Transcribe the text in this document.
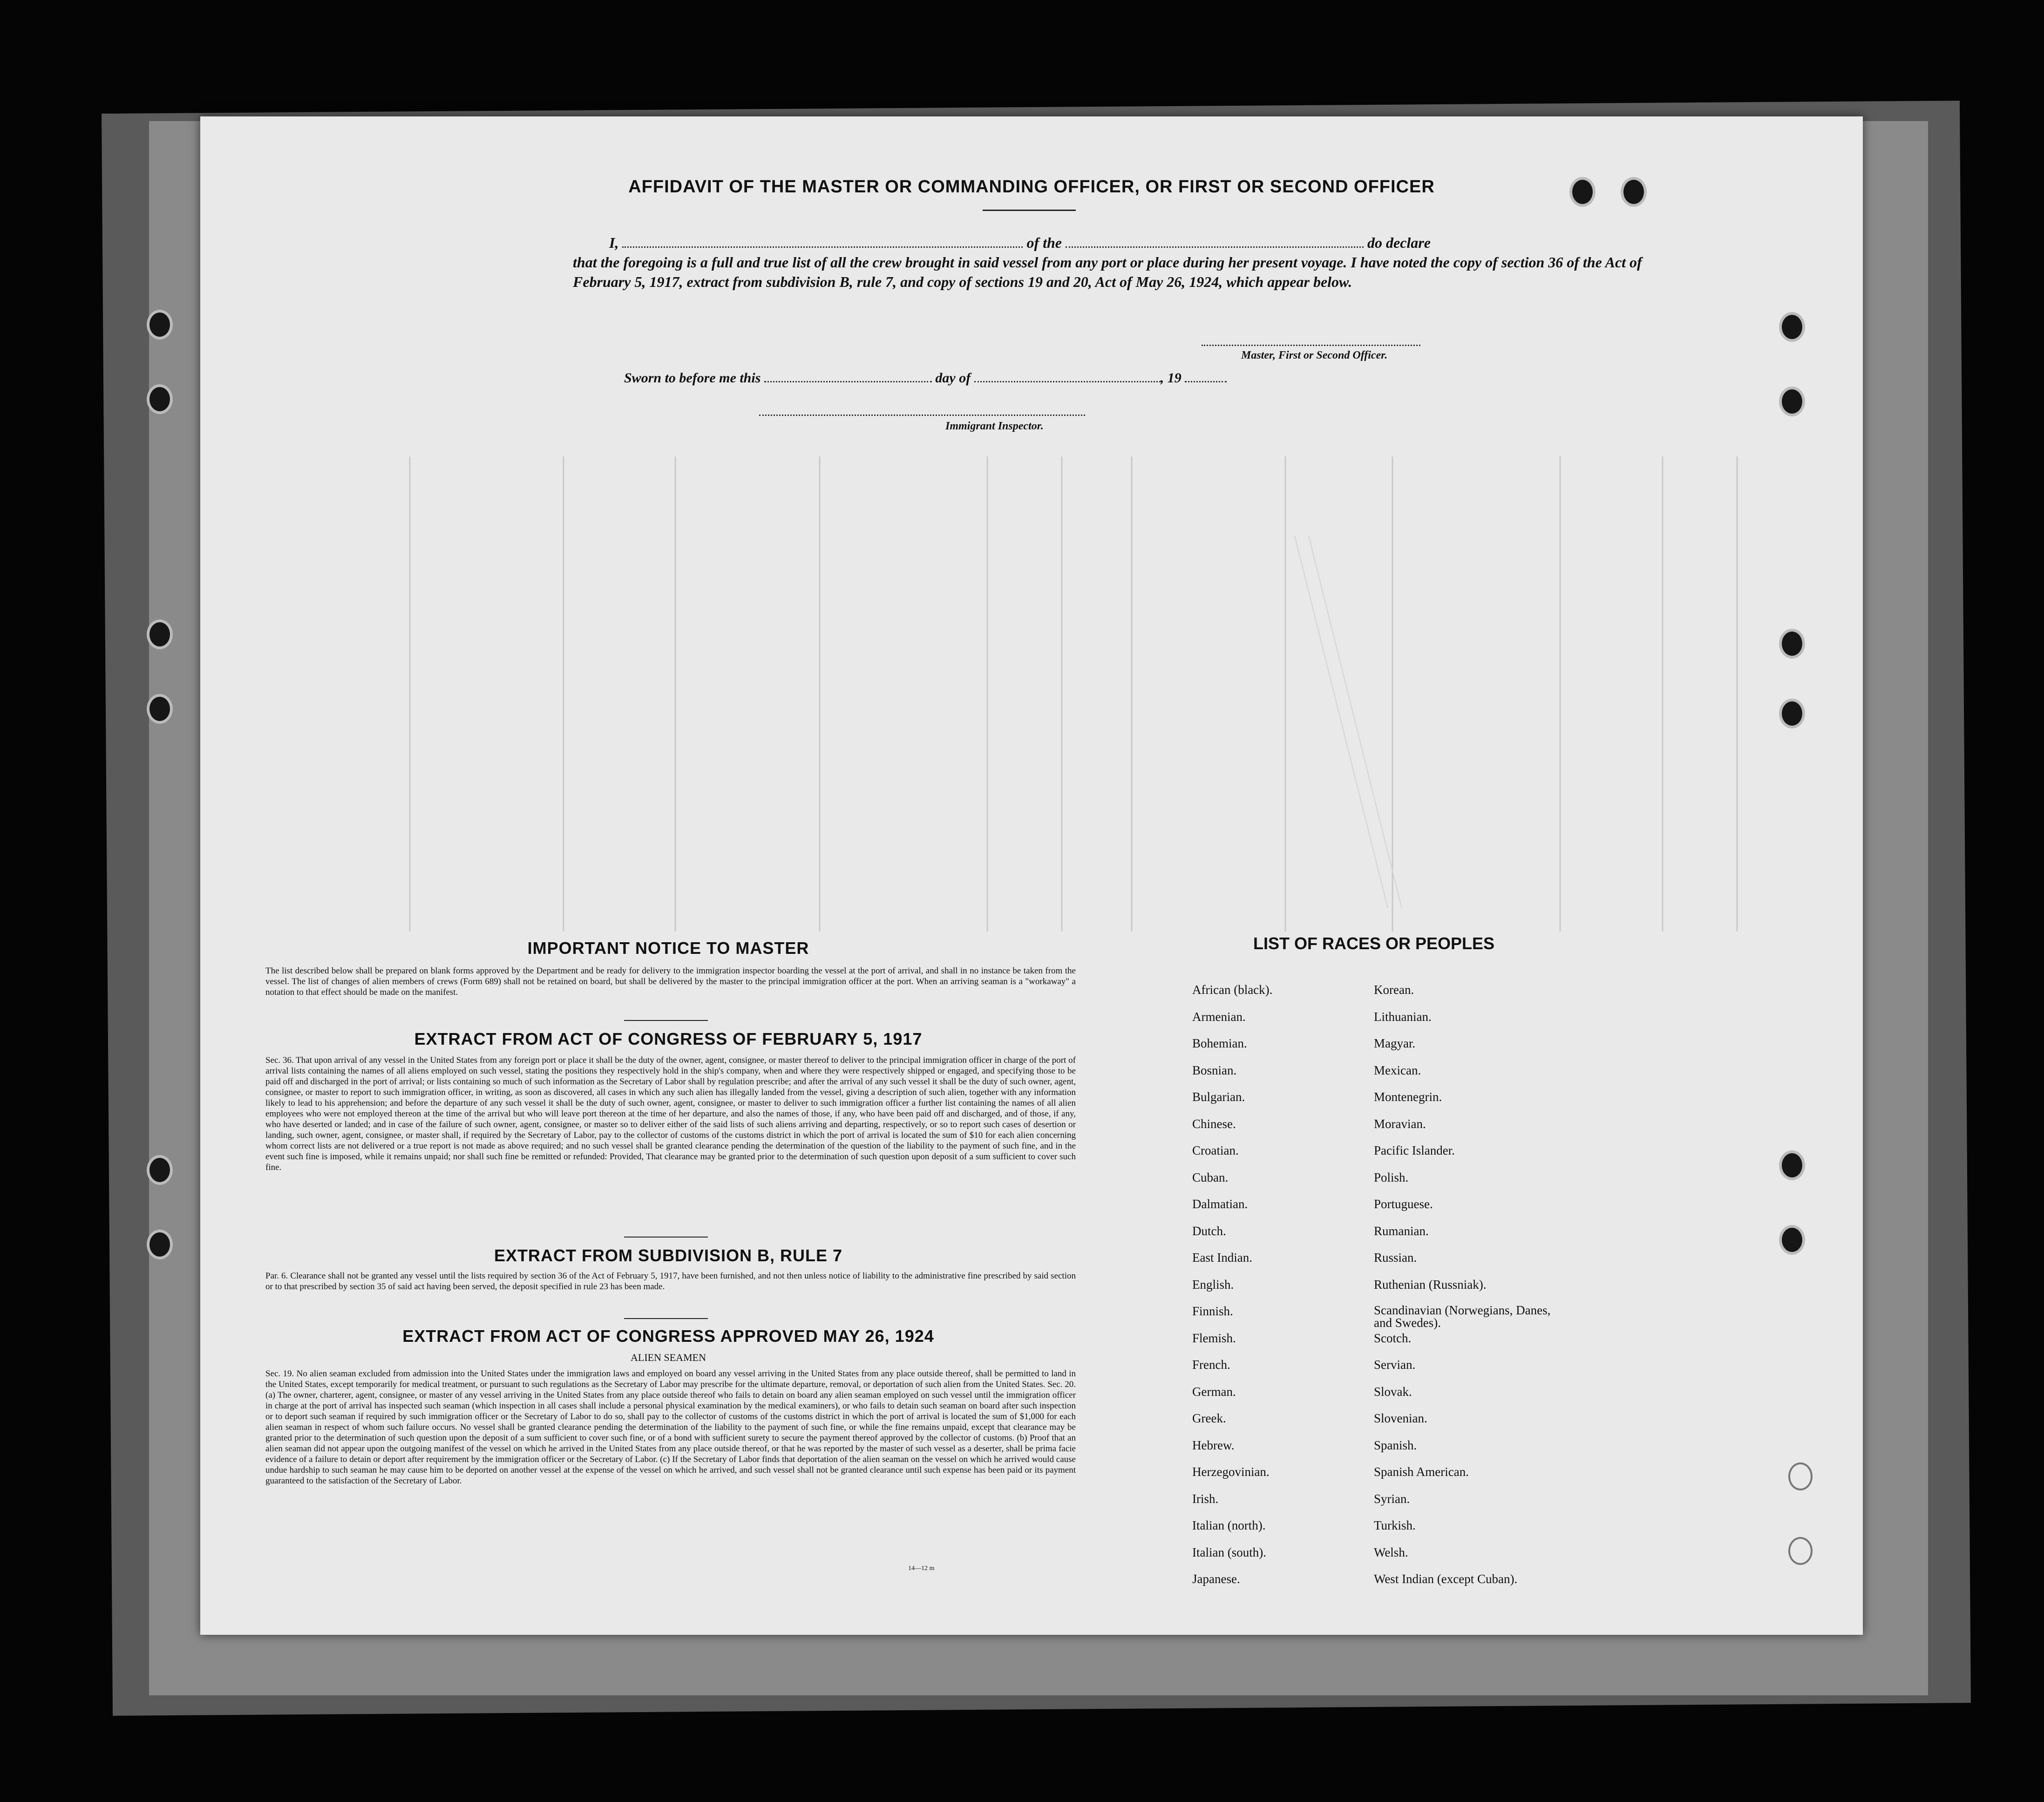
AFFIDAVIT OF THE MASTER OR COMMANDING OFFICER, OR FIRST OR SECOND OFFICER
I,	of the	do declare
that the foregoing is a full and true list of all the crew brought in said vessel from any port or place during her present voyage. I have noted the copy of section 36 of the Act of February 5, 1917, extract from subdivision B, rule 7, and copy of sections 19 and 20, Act of May 26, 1924, which appear below.
Master, First or Second Officer.
Sworn to before me this	day of	, 19
Immigrant Inspector.
IMPORTANT NOTICE TO MASTER
The list described below shall be prepared on blank forms approved by the Department and be ready for delivery to the immigration inspector boarding the vessel at the port of arrival, and shall in no instance be taken from the vessel. The list of changes of alien members of crews (Form 689) shall not be retained on board, but shall be delivered by the master to the principal immigration officer at the port. When an arriving seaman is a "workaway" a notation to that effect should be made on the manifest.
EXTRACT FROM ACT OF CONGRESS OF FEBRUARY 5, 1917
Sec. 36. That upon arrival of any vessel in the United States from any foreign port or place it shall be the duty of the owner, agent, consignee, or master thereof to deliver to the principal immigration officer in charge of the port of arrival lists containing the names of all aliens employed on such vessel, stating the positions they respectively hold in the ship's company, when and where they were respectively shipped or engaged, and specifying those to be paid off and discharged in the port of arrival; or lists containing so much of such information as the Secretary of Labor shall by regulation prescribe; and after the arrival of any such vessel it shall be the duty of such owner, agent, consignee, or master to report to such immigration officer, in writing, as soon as discovered, all cases in which any such alien has illegally landed from the vessel, giving a description of such alien, together with any information likely to lead to his apprehension; and before the departure of any such vessel it shall be the duty of such owner, agent, consignee, or master to deliver to such immigration officer a further list containing the names of all alien employees who were not employed thereon at the time of the arrival but who will leave port thereon at the time of her departure, and also the names of those, if any, who have been paid off and discharged, and of those, if any, who have deserted or landed; and in case of the failure of such owner, agent, consignee, or master so to deliver either of the said lists of such aliens arriving and departing, respectively, or so to report such cases of desertion or landing, such owner, agent, consignee, or master shall, if required by the Secretary of Labor, pay to the collector of customs of the customs district in which the port of arrival is located the sum of $10 for each alien concerning whom correct lists are not delivered or a true report is not made as above required; and no such vessel shall be granted clearance pending the determination of the question of the liability to the payment of such fine, and in the event such fine is imposed, while it remains unpaid; nor shall such fine be remitted or refunded: Provided, That clearance may be granted prior to the determination of such question upon deposit of a sum sufficient to cover such fine.
EXTRACT FROM SUBDIVISION B, RULE 7
Par. 6. Clearance shall not be granted any vessel until the lists required by section 36 of the Act of February 5, 1917, have been furnished, and not then unless notice of liability to the administrative fine prescribed by said section or to that prescribed by section 35 of said act having been served, the deposit specified in rule 23 has been made.
EXTRACT FROM ACT OF CONGRESS APPROVED MAY 26, 1924
ALIEN SEAMEN
Sec. 19. No alien seaman excluded from admission into the United States under the immigration laws and employed on board any vessel arriving in the United States from any place outside thereof, shall be permitted to land in the United States, except temporarily for medical treatment, or pursuant to such regulations as the Secretary of Labor may prescribe for the ultimate departure, removal, or deportation of such alien from the United States. Sec. 20. (a) The owner, charterer, agent, consignee, or master of any vessel arriving in the United States from any place outside thereof who fails to detain on board any alien seaman employed on such vessel until the immigration officer in charge at the port of arrival has inspected such seaman (which inspection in all cases shall include a personal physical examination by the medical examiners), or who fails to detain such seaman on board after such inspection or to deport such seaman if required by such immigration officer or the Secretary of Labor to do so, shall pay to the collector of customs of the customs district in which the port of arrival is located the sum of $1,000 for each alien seaman in respect of whom such failure occurs. No vessel shall be granted clearance pending the determination of the liability to the payment of such fine, or while the fine remains unpaid, except that clearance may be granted prior to the determination of such question upon the deposit of a sum sufficient to cover such fine, or of a bond with sufficient surety to secure the payment thereof approved by the collector of customs. (b) Proof that an alien seaman did not appear upon the outgoing manifest of the vessel on which he arrived in the United States from any place outside thereof, or that he was reported by the master of such vessel as a deserter, shall be prima facie evidence of a failure to detain or deport after requirement by the immigration officer or the Secretary of Labor. (c) If the Secretary of Labor finds that deportation of the alien seaman on the vessel on which he arrived would cause undue hardship to such seaman he may cause him to be deported on another vessel at the expense of the vessel on which he arrived, and such vessel shall not be granted clearance until such expense has been paid or its payment guaranteed to the satisfaction of the Secretary of Labor.
14—12 m
LIST OF RACES OR PEOPLES
African (black).	Korean.
Armenian.	Lithuanian.
Bohemian.	Magyar.
Bosnian.	Mexican.
Bulgarian.	Montenegrin.
Chinese.	Moravian.
Croatian.	Pacific Islander.
Cuban.	Polish.
Dalmatian.	Portuguese.
Dutch.	Rumanian.
East Indian.	Russian.
English.	Ruthenian (Russniak).
Finnish.	Scandinavian (Norwegians, Danes, and Swedes).
Flemish.	Scotch.
French.	Servian.
German.	Slovak.
Greek.	Slovenian.
Hebrew.	Spanish.
Herzegovinian.	Spanish American.
Irish.	Syrian.
Italian (north).	Turkish.
Italian (south).	Welsh.
Japanese.	West Indian (except Cuban).
